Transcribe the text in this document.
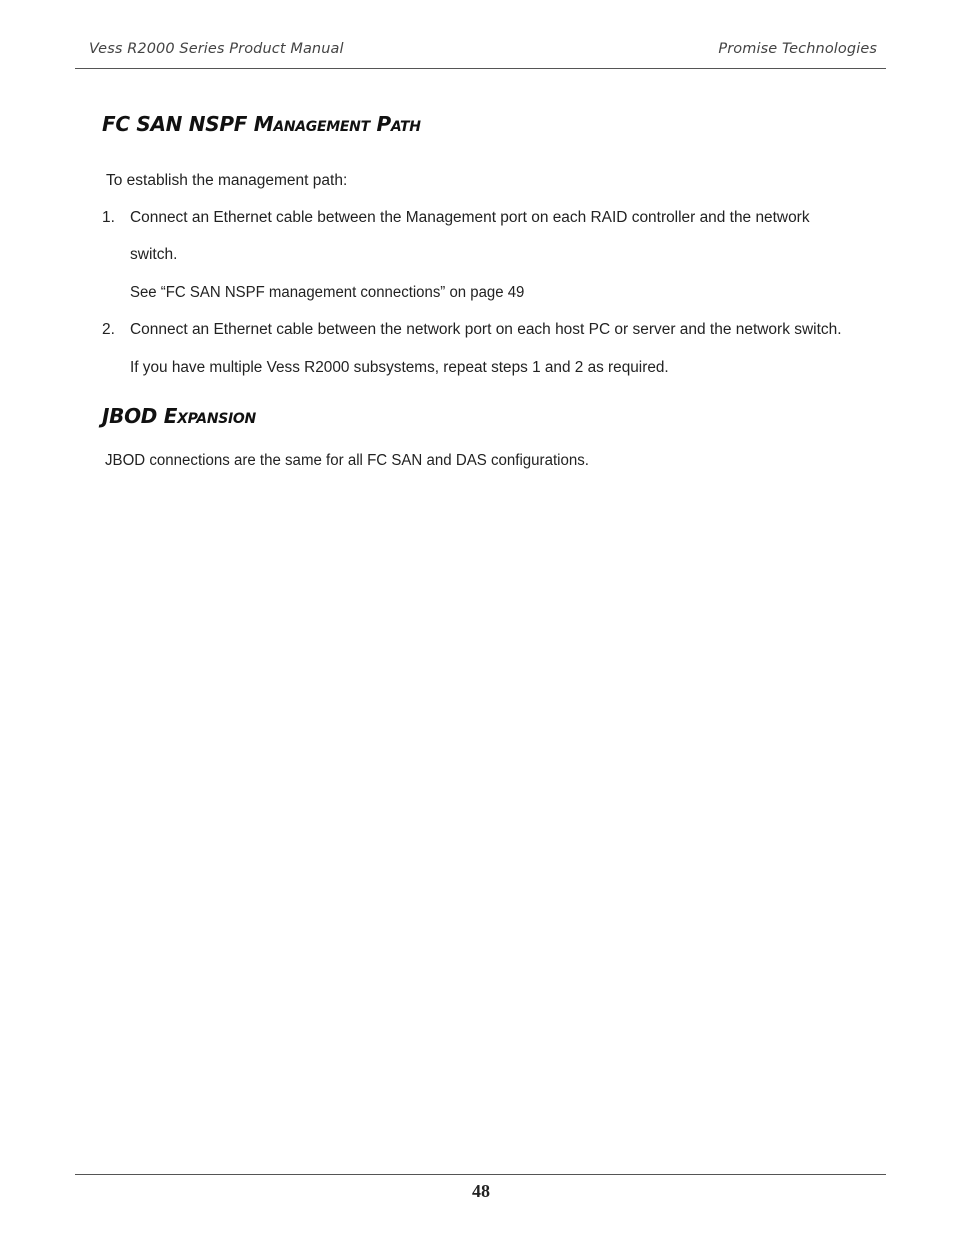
Vess R2000 Series Product Manual	Promise Technologies
FC SAN NSPF Management Path
To establish the management path:
1. Connect an Ethernet cable between the Management port on each RAID controller and the network
switch.
See “FC SAN NSPF management connections” on page 49
2. Connect an Ethernet cable between the network port on each host PC or server and the network switch.
If you have multiple Vess R2000 subsystems, repeat steps 1 and 2 as required.
JBOD Expansion
JBOD connections are the same for all FC SAN and DAS configurations.
48
